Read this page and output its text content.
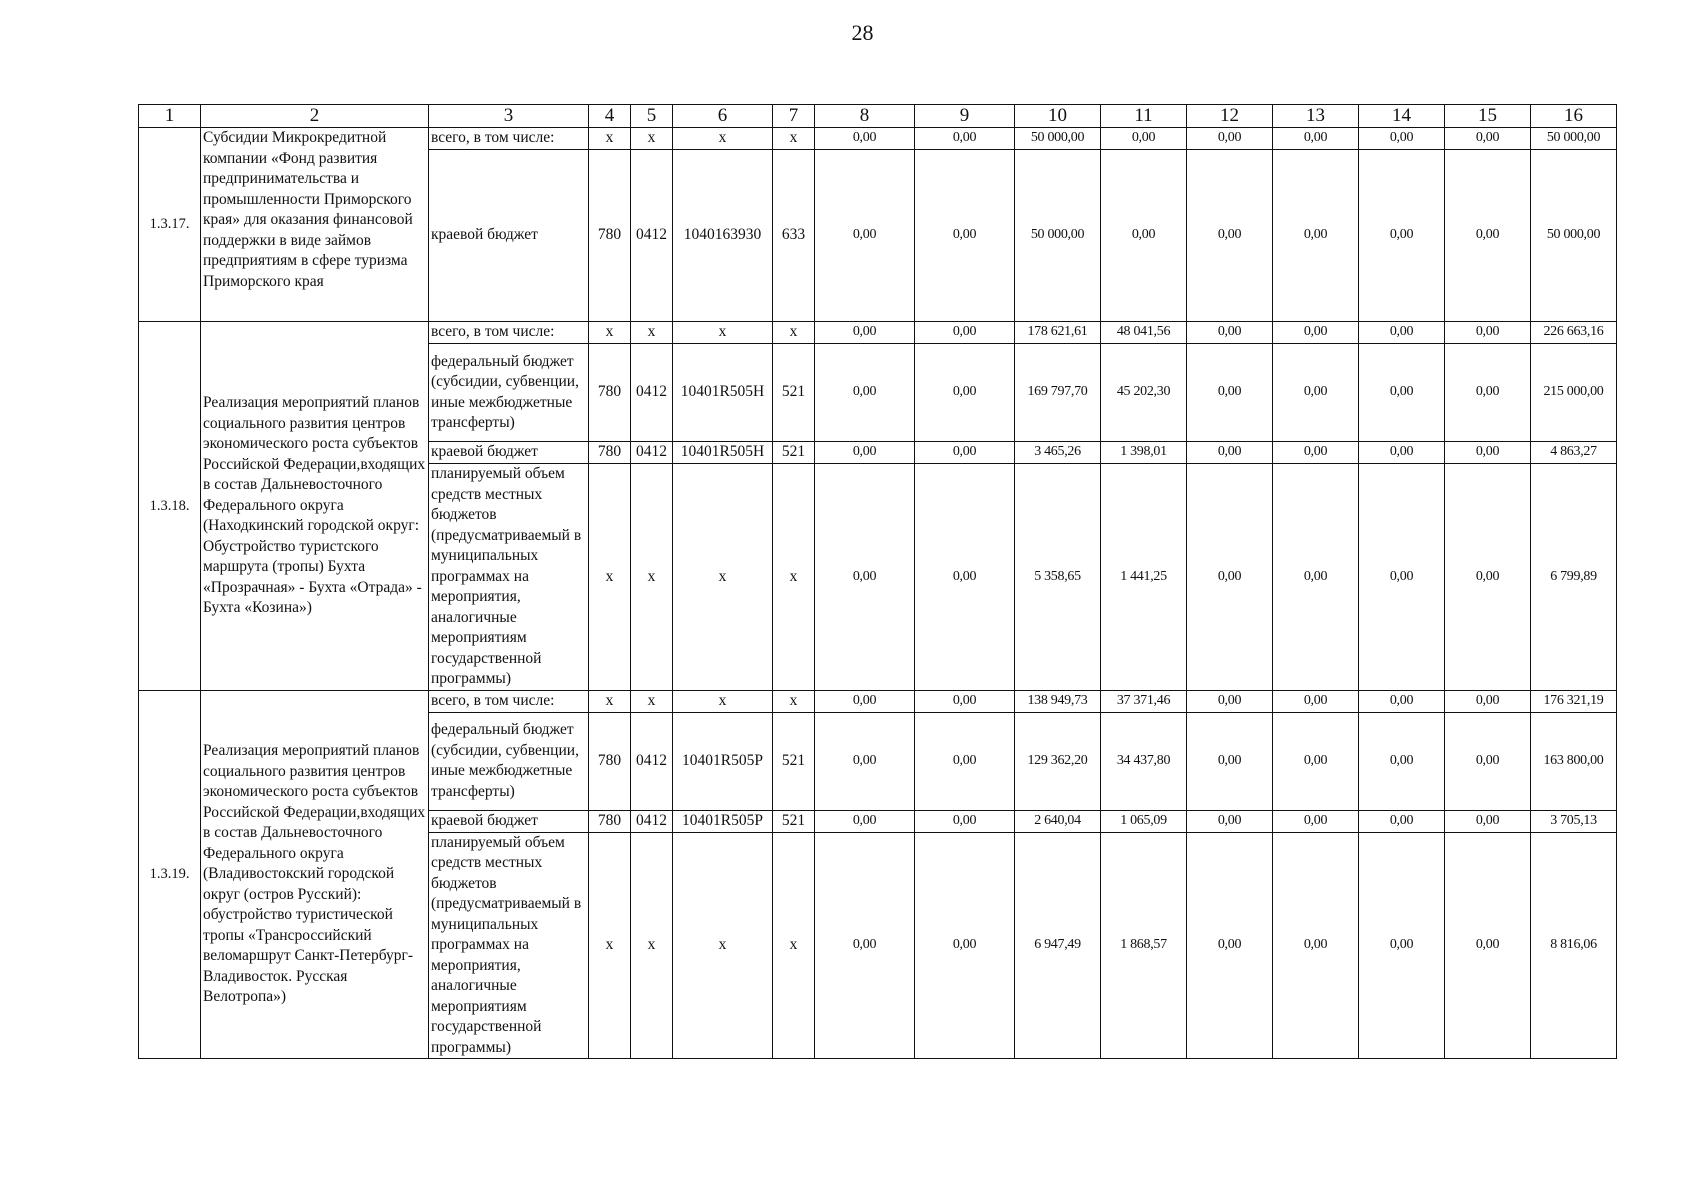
28
1	2	3	4	5	6	7	8	9	10	11	12	13	14	15	16
1.3.17.	Субсидии Микрокредитной компании «Фонд развития предпринимательства и промышленности Приморского края» для оказания финансовой поддержки в виде займов предприятиям в сфере туризма Приморского края	всего, в том числе:	x	x	x	x	0,00	0,00	50 000,00	0,00	0,00	0,00	0,00	0,00	50 000,00
		краевой бюджет	780	0412	1040163930	633	0,00	0,00	50 000,00	0,00	0,00	0,00	0,00	0,00	50 000,00
1.3.18.	Реализация мероприятий планов социального развития центров экономического роста субъектов Российской Федерации,входящих в состав Дальневосточного Федерального округа (Находкинский городской округ: Обустройство туристского маршрута (тропы) Бухта «Прозрачная» - Бухта «Отрада» - Бухта «Козина»)	всего, в том числе:	x	x	x	x	0,00	0,00	178 621,61	48 041,56	0,00	0,00	0,00	0,00	226 663,16
		федеральный бюджет (субсидии, субвенции, иные межбюджетные трансферты)	780	0412	10401R505H	521	0,00	0,00	169 797,70	45 202,30	0,00	0,00	0,00	0,00	215 000,00
		краевой бюджет	780	0412	10401R505H	521	0,00	0,00	3 465,26	1 398,01	0,00	0,00	0,00	0,00	4 863,27
		планируемый объем средств местных бюджетов (предусматриваемый в муниципальных программах на мероприятия, аналогичные мероприятиям государственной программы)	x	x	x	x	0,00	0,00	5 358,65	1 441,25	0,00	0,00	0,00	0,00	6 799,89
1.3.19.	Реализация мероприятий планов социального развития центров экономического роста субъектов Российской Федерации,входящих в состав Дальневосточного Федерального округа (Владивостокский городской округ (остров Русский): обустройство туристической тропы «Трансроссийский веломаршрут Санкт-Петербург-Владивосток. Русская Велотропа»)	всего, в том числе:	x	x	x	x	0,00	0,00	138 949,73	37 371,46	0,00	0,00	0,00	0,00	176 321,19
		федеральный бюджет (субсидии, субвенции, иные межбюджетные трансферты)	780	0412	10401R505P	521	0,00	0,00	129 362,20	34 437,80	0,00	0,00	0,00	0,00	163 800,00
		краевой бюджет	780	0412	10401R505P	521	0,00	0,00	2 640,04	1 065,09	0,00	0,00	0,00	0,00	3 705,13
		планируемый объем средств местных бюджетов (предусматриваемый в муниципальных программах на мероприятия, аналогичные мероприятиям государственной программы)	x	x	x	x	0,00	0,00	6 947,49	1 868,57	0,00	0,00	0,00	0,00	8 816,06
